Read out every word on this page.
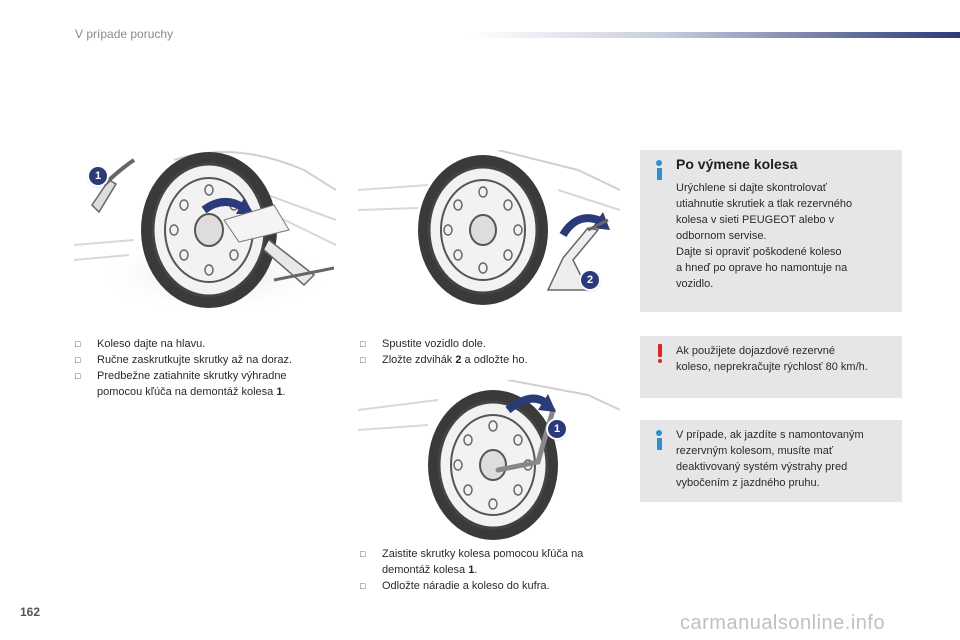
V prípade poruchy
1
2
1
□ Koleso dajte na hlavu.
□ Ručne zaskrutkujte skrutky až na doraz.
□ Predbežne zatiahnite skrutky výhradne pomocou kľúča na demontáž kolesa 1.
□ Spustite vozidlo dole.
□ Zložte zdvihák 2 a odložte ho.
□ Zaistite skrutky kolesa pomocou kľúča na demontáž kolesa 1.
□ Odložte náradie a koleso do kufra.
Po výmene kolesa
Urýchlene si dajte skontrolovať
utiahnutie skrutiek a tlak rezervného
kolesa v sieti PEUGEOT alebo v
odbornom servise.
Dajte si opraviť poškodené koleso
a hneď po oprave ho namontuje na
vozidlo.
Ak použijete dojazdové rezervné
koleso, neprekračujte rýchlosť 80 km/h.
V prípade, ak jazdíte s namontovaným
rezervným kolesom, musíte mať
deaktivovaný systém výstrahy pred
vybočením z jazdného pruhu.
162	carmanualsonline.info
